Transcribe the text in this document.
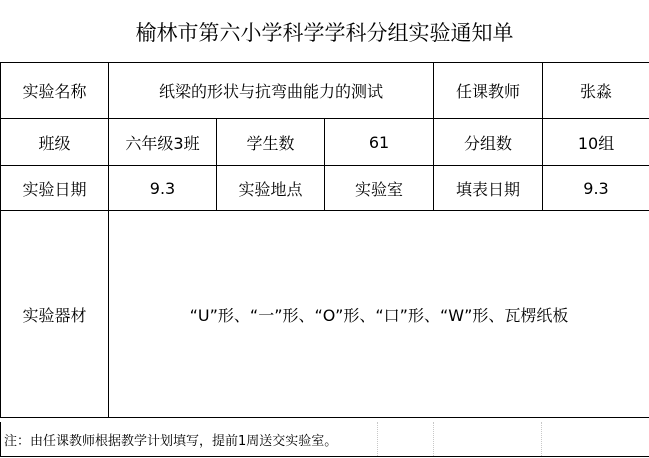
榆林市第六小学科学学科分组实验通知单
实验名称	纸梁的形状与抗弯曲能力的测试			任课教师	张淼
班级	六年级3班	学生数	61	分组数	10组
实验日期	9.3	实验地点	实验室	填表日期	9.3
实验器材	“U”形、“一”形、“O”形、“口”形、“W”形、瓦楞纸板				
注：由任课教师根据教学计划填写，提前1周送交实验室。			
